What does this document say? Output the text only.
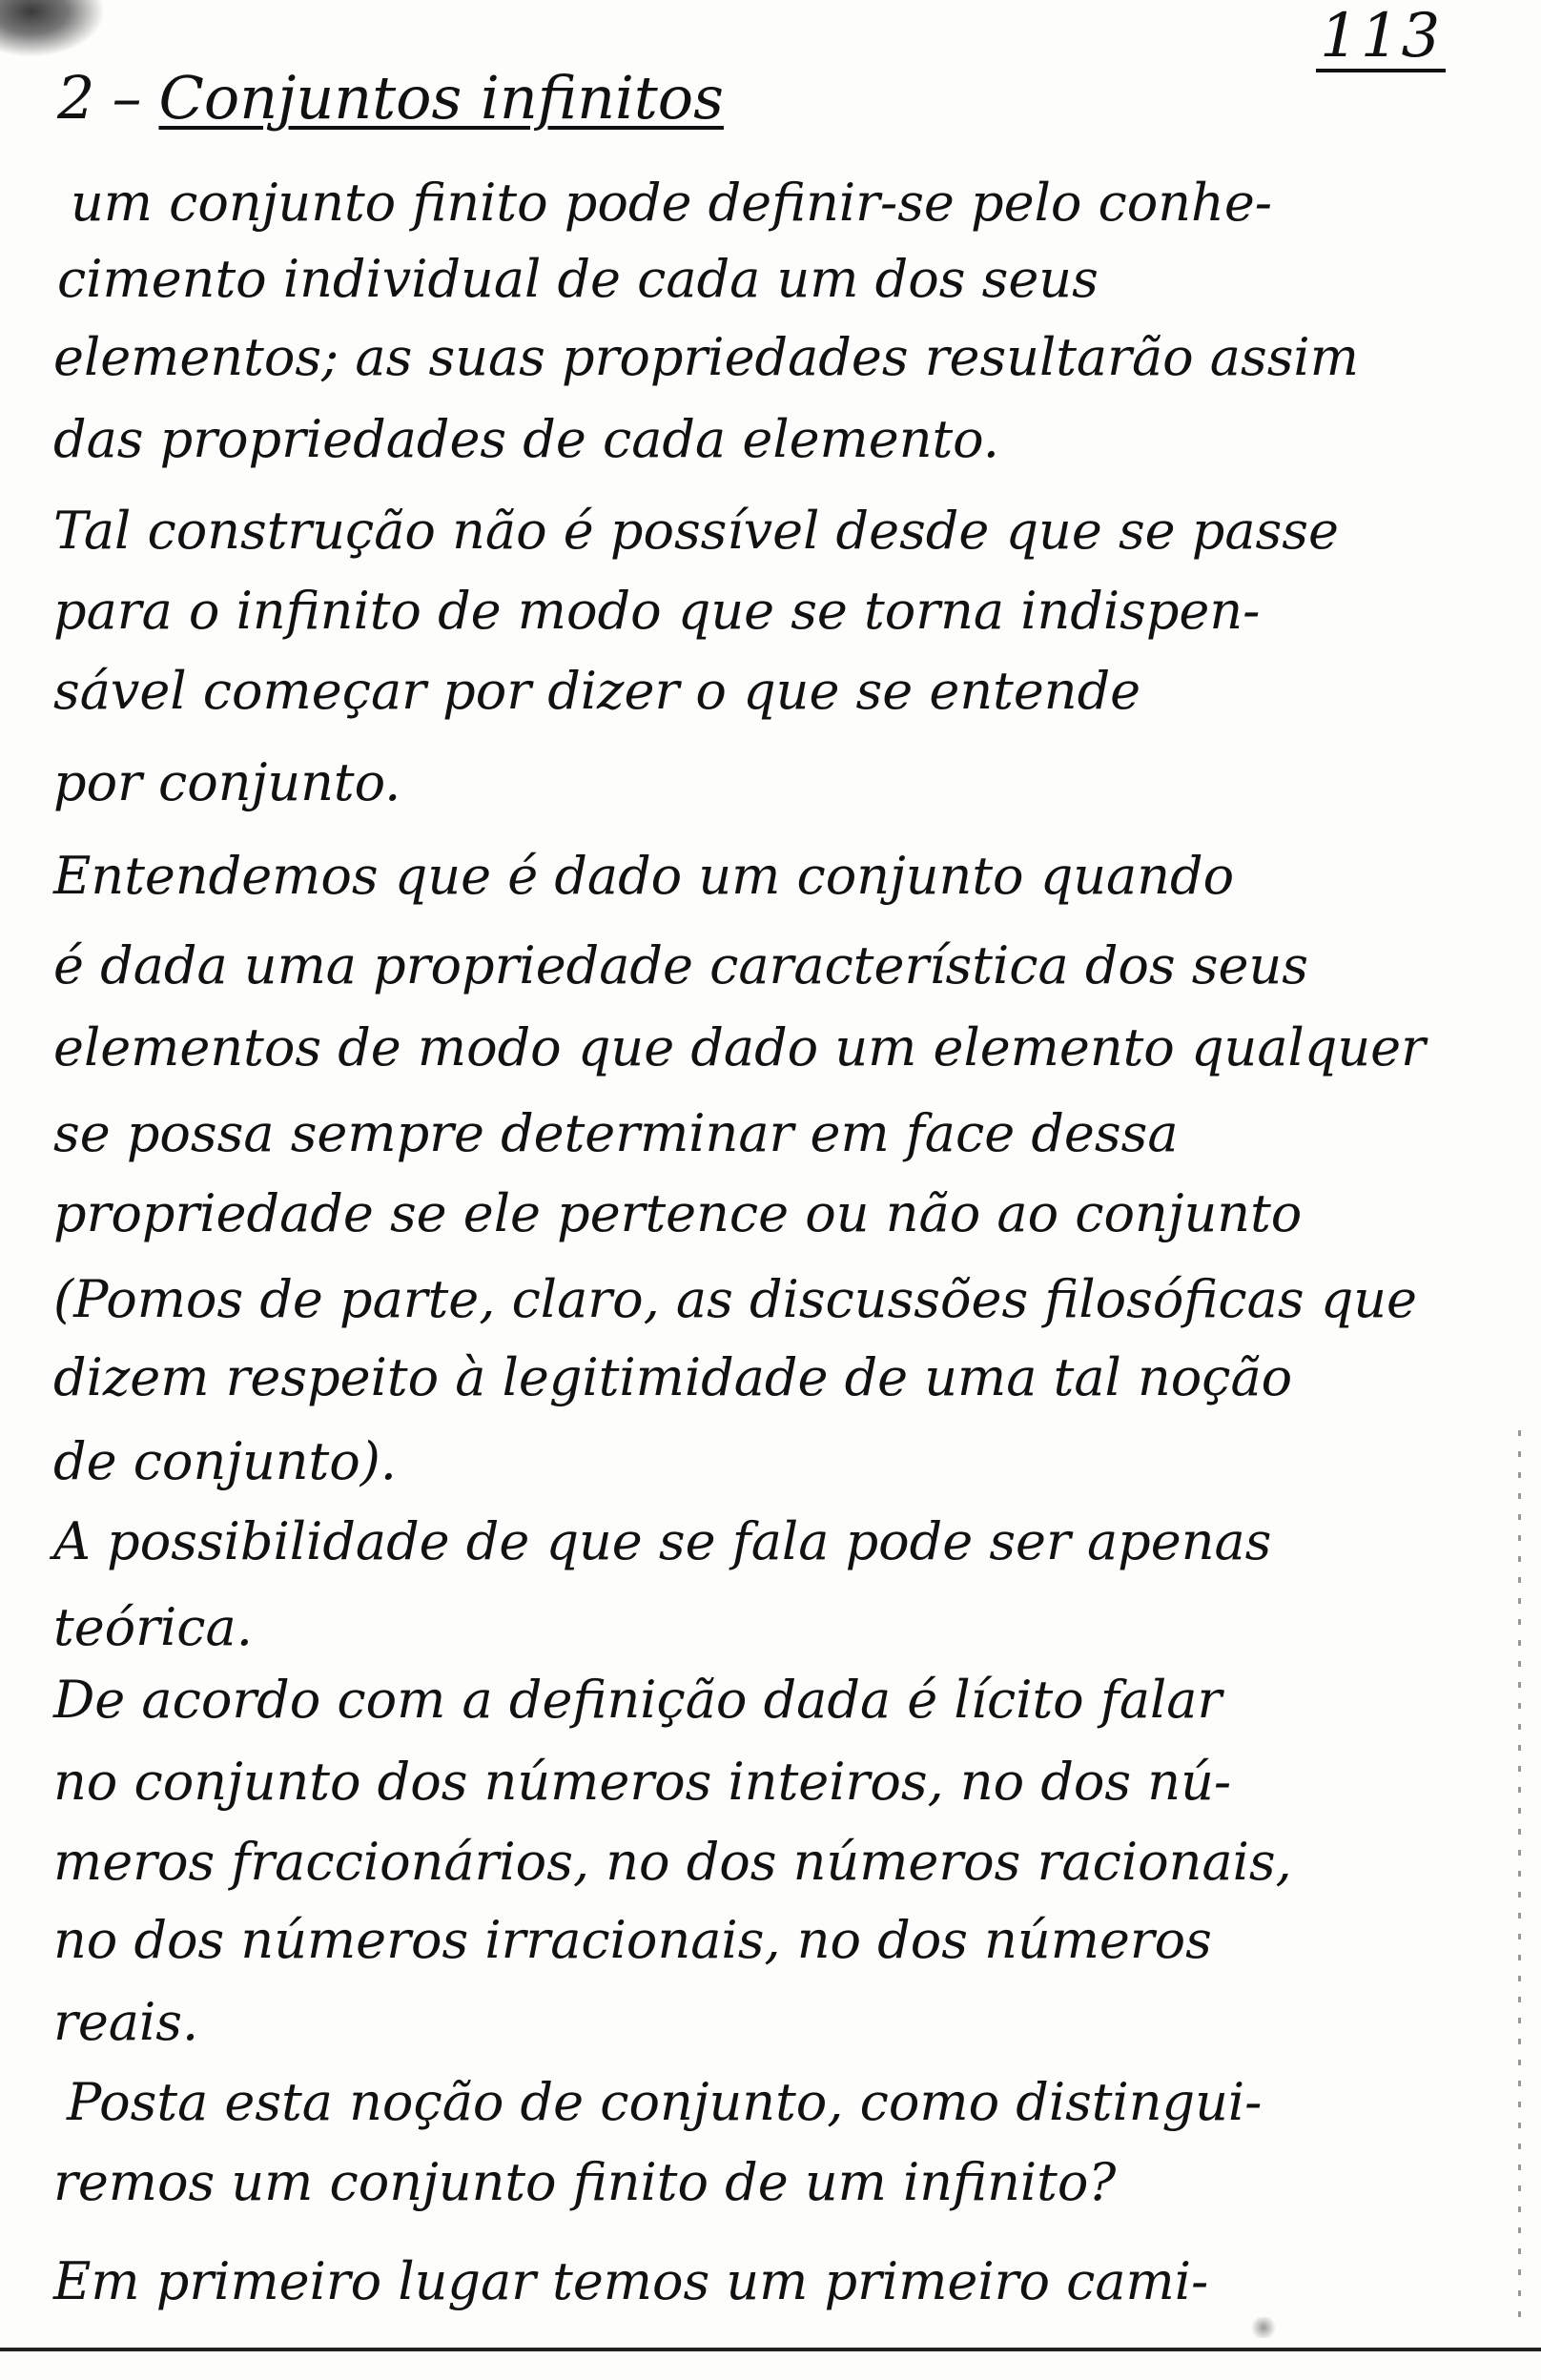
113
2 – Conjuntos infinitos
um conjunto finito pode definir-se pelo conhe-
cimento individual de cada um dos seus
elementos; as suas propriedades resultarão assim
das propriedades de cada elemento.
Tal construção não é possível desde que se passe
para o infinito de modo que se torna indispen-
sável começar por dizer o que se entende
por conjunto.
Entendemos que é dado um conjunto quando
é dada uma propriedade característica dos seus
elementos de modo que dado um elemento qualquer
se possa sempre determinar em face dessa
propriedade se ele pertence ou não ao conjunto
(Pomos de parte, claro, as discussões filosóficas que
dizem respeito à legitimidade de uma tal noção
de conjunto).
A possibilidade de que se fala pode ser apenas
teórica.
De acordo com a definição dada é lícito falar
no conjunto dos números inteiros, no dos nú-
meros fraccionários, no dos números racionais,
no dos números irracionais, no dos números
reais.
Posta esta noção de conjunto, como distingui-
remos um conjunto finito de um infinito?
Em primeiro lugar temos um primeiro cami-
